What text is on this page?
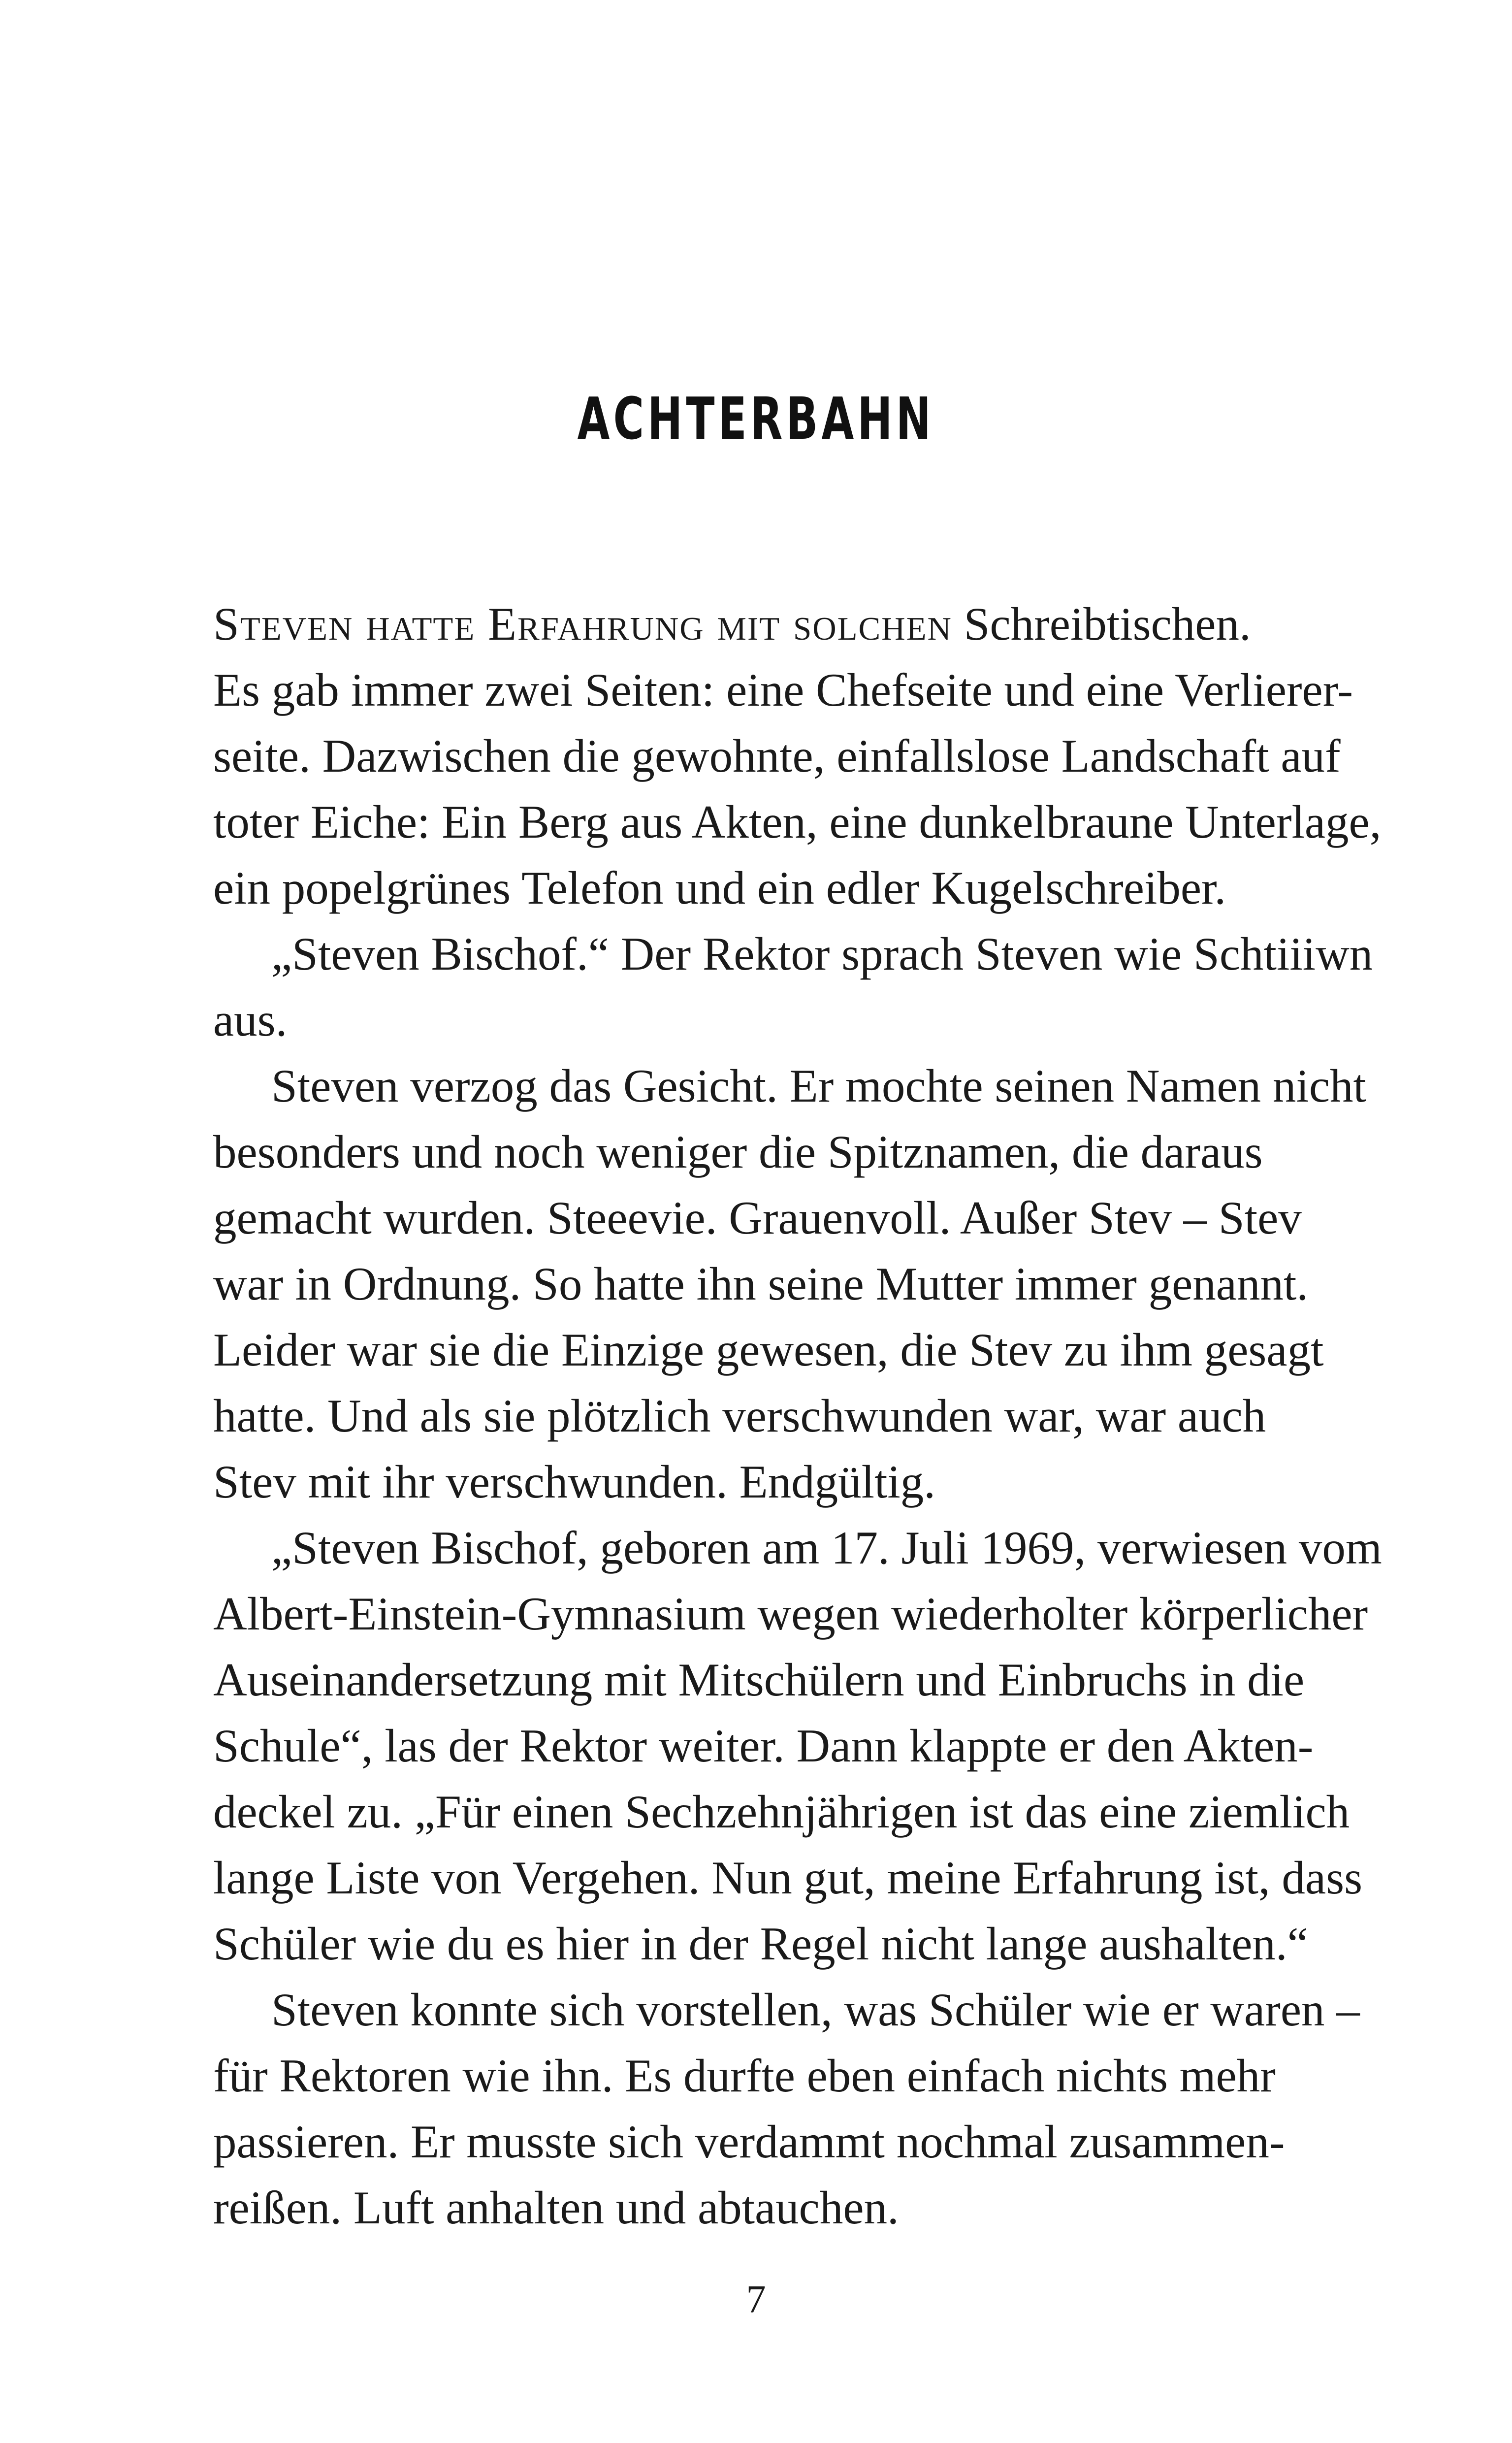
ACHTERBAHN
Steven hatte Erfahrung mit solchen Schreibtischen.
Es gab immer zwei Seiten: eine Chefseite und eine Verlierer-
seite. Dazwischen die gewohnte, einfallslose Landschaft auf
toter Eiche: Ein Berg aus Akten, eine dunkelbraune Unterlage,
ein popelgrünes Telefon und ein edler Kugelschreiber.
„Steven Bischof.“ Der Rektor sprach Steven wie Schtiiiwn
aus.
Steven verzog das Gesicht. Er mochte seinen Namen nicht
besonders und noch weniger die Spitznamen, die daraus
gemacht wurden. Steeevie. Grauenvoll. Außer Stev – Stev
war in Ordnung. So hatte ihn seine Mutter immer genannt.
Leider war sie die Einzige gewesen, die Stev zu ihm gesagt
hatte. Und als sie plötzlich verschwunden war, war auch
Stev mit ihr verschwunden. Endgültig.
„Steven Bischof, geboren am 17. Juli 1969, verwiesen vom
Albert-Einstein-Gymnasium wegen wiederholter körperlicher
Auseinandersetzung mit Mitschülern und Einbruchs in die
Schule“, las der Rektor weiter. Dann klappte er den Akten-
deckel zu. „Für einen Sechzehnjährigen ist das eine ziemlich
lange Liste von Vergehen. Nun gut, meine Erfahrung ist, dass
Schüler wie du es hier in der Regel nicht lange aushalten.“
Steven konnte sich vorstellen, was Schüler wie er waren –
für Rektoren wie ihn. Es durfte eben einfach nichts mehr
passieren. Er musste sich verdammt nochmal zusammen-
reißen. Luft anhalten und abtauchen.
7
